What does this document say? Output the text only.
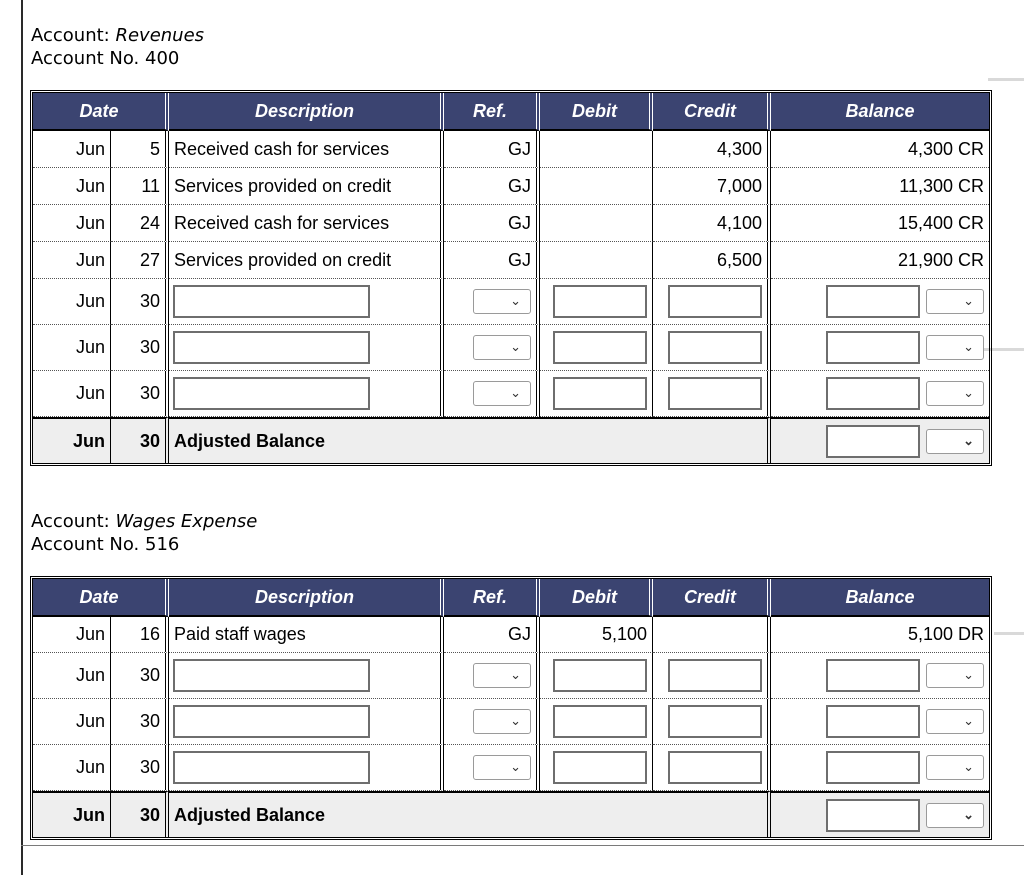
Account: Revenues
Account No. 400
Date		Description	Ref.	Debit	Credit	Balance
Jun	5	Received cash for services	GJ		4,300	4,300 CR
Jun	11	Services provided on credit	GJ		7,000	11,300 CR
Jun	24	Received cash for services	GJ		4,100	15,400 CR
Jun	27	Services provided on credit	GJ		6,500	21,900 CR
Jun	30		⌄			⌄

Jun	30		⌄			⌄

Jun	30		⌄			⌄

Jun	30	Adjusted Balance				⌄
Account: Wages Expense
Account No. 516
Date		Description	Ref.	Debit	Credit	Balance
Jun	16	Paid staff wages	GJ	5,100		5,100 DR
Jun	30		⌄			⌄

Jun	30		⌄			⌄

Jun	30		⌄			⌄

Jun	30	Adjusted Balance				⌄
